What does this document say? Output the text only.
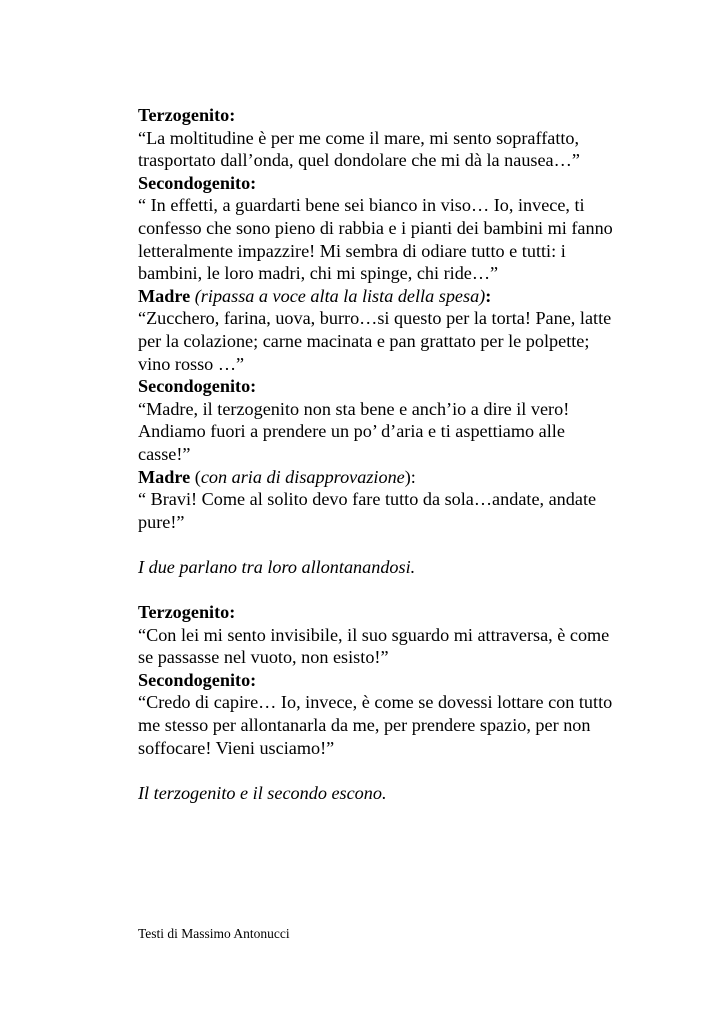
Terzogenito:
“La moltitudine è per me come il mare, mi sento sopraffatto,
trasportato dall’onda, quel dondolare che mi dà la nausea…”
Secondogenito:
“ In effetti, a guardarti bene sei bianco in viso… Io, invece, ti
confesso che sono pieno di rabbia e i pianti dei bambini mi fanno
letteralmente impazzire! Mi sembra di odiare tutto e tutti: i
bambini, le loro madri, chi mi spinge, chi ride…”
Madre (ripassa a voce alta la lista della spesa):
“Zucchero, farina, uova, burro…si questo per la torta! Pane, latte
per la colazione; carne macinata e pan grattato per le polpette;
vino rosso …”
Secondogenito:
“Madre, il terzogenito non sta bene e anch’io a dire il vero!
Andiamo fuori a prendere un po’ d’aria e ti aspettiamo alle
casse!”
Madre (con aria di disapprovazione):
“ Bravi! Come al solito devo fare tutto da sola…andate, andate
pure!”
I due parlano tra loro allontanandosi.
Terzogenito:
“Con lei mi sento invisibile, il suo sguardo mi attraversa, è come
se passasse nel vuoto, non esisto!”
Secondogenito:
“Credo di capire… Io, invece, è come se dovessi lottare con tutto
me stesso per allontanarla da me, per prendere spazio, per non
soffocare! Vieni usciamo!”
Il terzogenito e il secondo escono.
Testi di Massimo Antonucci
